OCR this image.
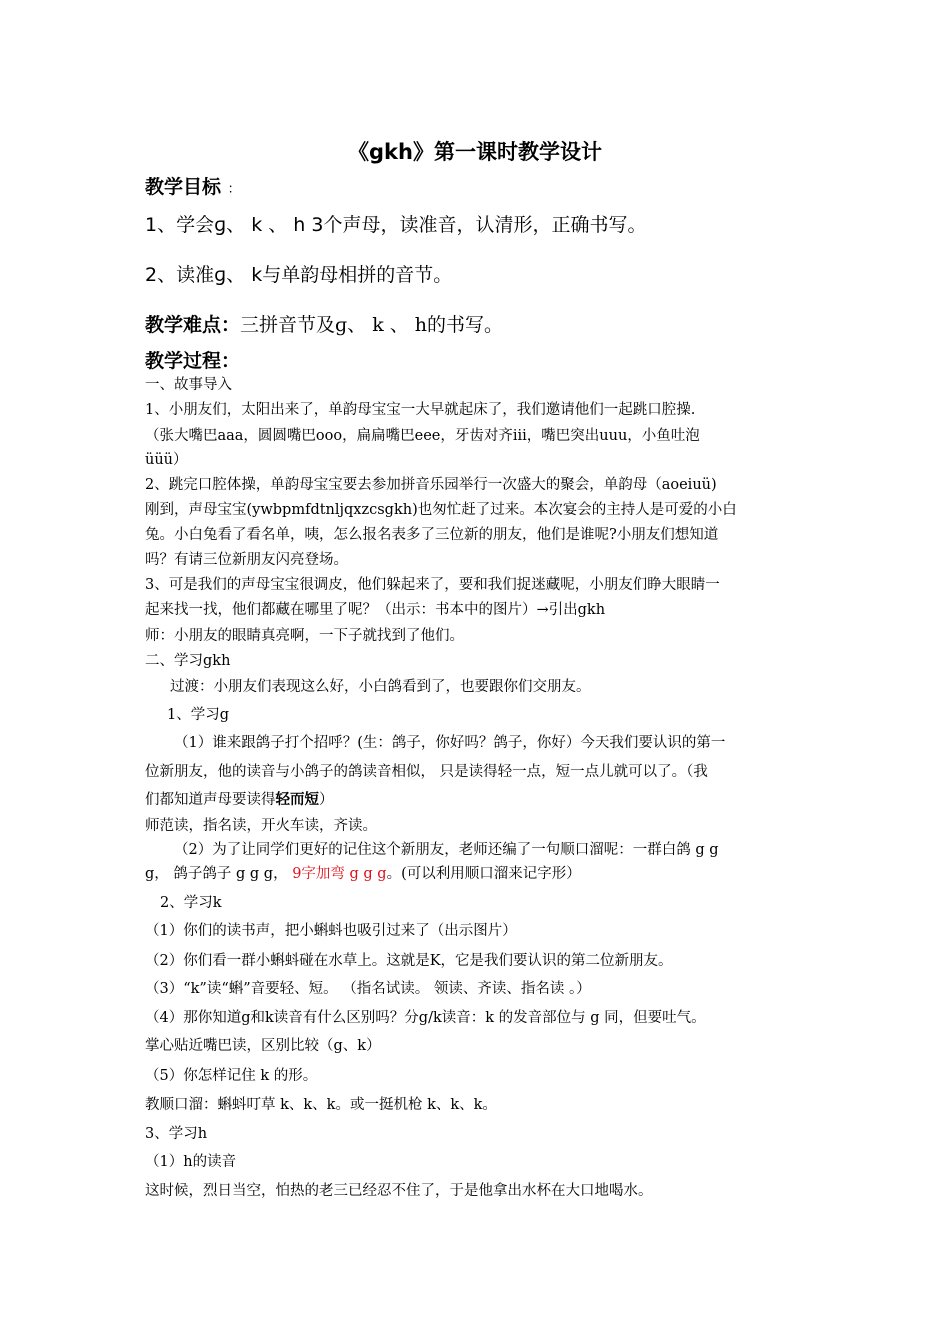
《gkh》第一课时教学设计
教学目标 ：
1、学会ɡ、 k 、 h 3个声母，读准音，认清形，正确书写。
2、读准ɡ、 k与单韵母相拼的音节。
教学难点：三拼音节及ɡ、 k 、 h的书写。
教学过程：
一、故事导入
1、小朋友们，太阳出来了，单韵母宝宝一大早就起床了，我们邀请他们一起跳口腔操.
（张大嘴巴aaa，圆圆嘴巴ooo，扁扁嘴巴eee，牙齿对齐iii，嘴巴突出uuu，小鱼吐泡
üüü）
2、跳完口腔体操，单韵母宝宝要去参加拼音乐园举行一次盛大的聚会，单韵母（aoeiuü)
刚到，声母宝宝(ywbpmfdtnljqxzcsgkh)也匆忙赶了过来。本次宴会的主持人是可爱的小白
兔。小白兔看了看名单，咦，怎么报名表多了三位新的朋友，他们是谁呢?小朋友们想知道
吗？有请三位新朋友闪亮登场。
3、可是我们的声母宝宝很调皮，他们躲起来了，要和我们捉迷藏呢，小朋友们睁大眼睛一
起来找一找，他们都藏在哪里了呢？（出示：书本中的图片）→引出gkh
师：小朋友的眼睛真亮啊，一下子就找到了他们。
二、学习gkh
过渡：小朋友们表现这么好，小白鸽看到了，也要跟你们交朋友。
1、学习g
（1）谁来跟鸽子打个招呼？(生：鸽子，你好吗？鸽子，你好）今天我们要认识的第一
位新朋友，他的读音与小鸽子的鸽读音相似， 只是读得轻一点，短一点儿就可以了。（我
们都知道声母要读得轻而短）
师范读，指名读，开火车读，齐读。
（2）为了让同学们更好的记住这个新朋友，老师还编了一句顺口溜呢：一群白鸽 g g
g， 鸽子鸽子 g g g， 9字加弯 g g g。(可以利用顺口溜来记字形）
2、学习k
（1）你们的读书声，把小蝌蚪也吸引过来了（出示图片）
（2）你们看一群小蝌蚪碰在水草上。这就是K，它是我们要认识的第二位新朋友。
（3）“k”读“蝌”音要轻、短。 （指名试读。 领读、齐读、指名读 。）
（4）那你知道g和k读音有什么区别吗？分g/k读音：k 的发音部位与 g 同，但要吐气。
掌心贴近嘴巴读，区别比较（g、k）
（5）你怎样记住 k 的形。
教顺口溜：蝌蚪叮草 k、k、k。或一挺机枪 k、k、k。
3、学习h
（1）h的读音
这时候，烈日当空，怕热的老三已经忍不住了，于是他拿出水杯在大口地喝水。
